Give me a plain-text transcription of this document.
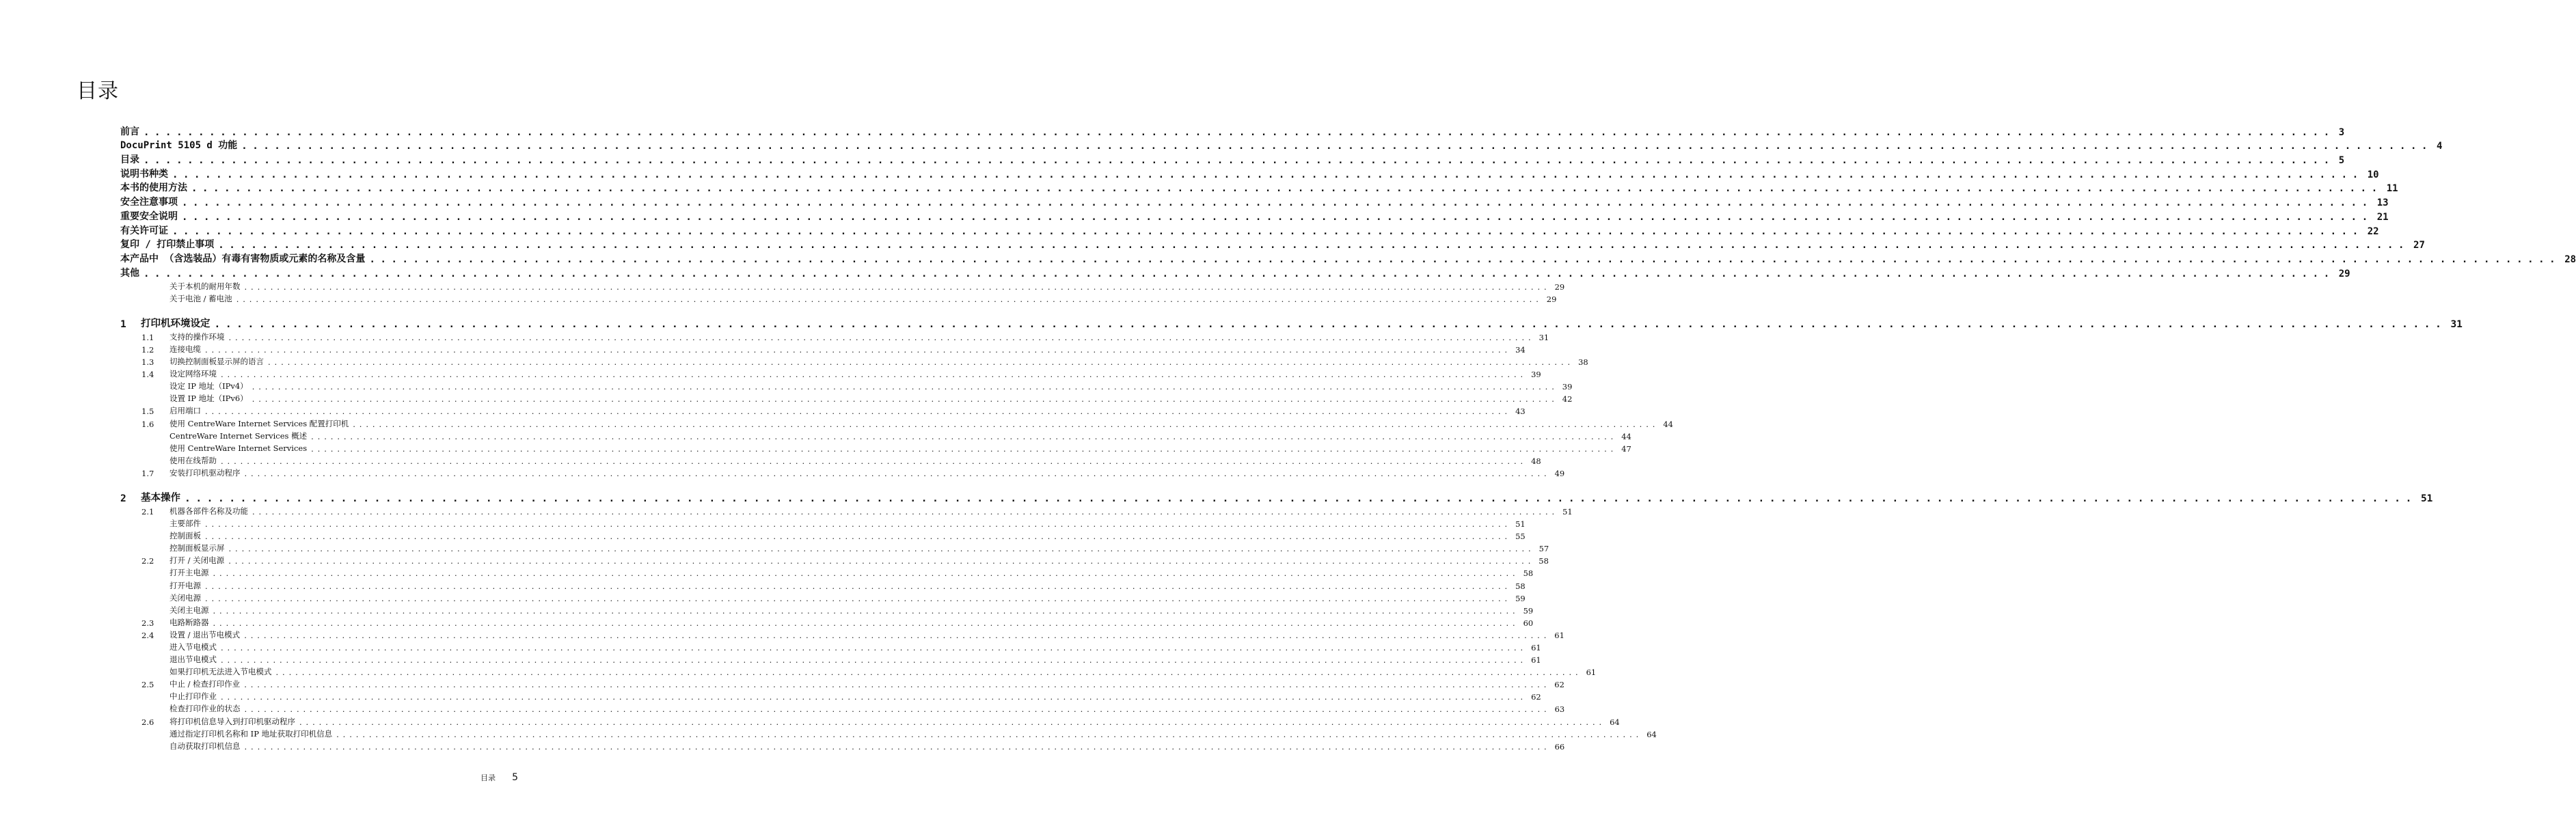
目录
前言 ........................................................................................................................................................................................................ 3
DocuPrint 5105 d 功能 ........................................................................................................................................................................................................ 4
目录 ........................................................................................................................................................................................................ 5
说明书种类 ........................................................................................................................................................................................................ 10
本书的使用方法 ........................................................................................................................................................................................................ 11
安全注意事项 ........................................................................................................................................................................................................ 13
重要安全说明 ........................................................................................................................................................................................................ 21
有关许可证 ........................................................................................................................................................................................................ 22
复印 / 打印禁止事项 ........................................................................................................................................................................................................ 27
本产品中 （含选装品）有毒有害物质或元素的名称及含量 ........................................................................................................................................................................................................ 28
其他 ........................................................................................................................................................................................................ 29
关于本机的耐用年数 ........................................................................................................................................................................................................ 29
关于电池 / 蓄电池 ........................................................................................................................................................................................................ 29
1	打印机环境设定 ........................................................................................................................................................................................................ 31
1.1	支持的操作环境 ........................................................................................................................................................................................................ 31
1.2	连接电缆 ........................................................................................................................................................................................................ 34
1.3	切换控制面板显示屏的语言 ........................................................................................................................................................................................................ 38
1.4	设定网络环境 ........................................................................................................................................................................................................ 39
设定 IP 地址（IPv4） ........................................................................................................................................................................................................ 39
设置 IP 地址（IPv6） ........................................................................................................................................................................................................ 42
1.5	启用端口 ........................................................................................................................................................................................................ 43
1.6	使用 CentreWare Internet Services 配置打印机 ........................................................................................................................................................................................................ 44
CentreWare Internet Services 概述 ........................................................................................................................................................................................................ 44
使用 CentreWare Internet Services ........................................................................................................................................................................................................ 47
使用在线帮助 ........................................................................................................................................................................................................ 48
1.7	安装打印机驱动程序 ........................................................................................................................................................................................................ 49
2	基本操作 ........................................................................................................................................................................................................ 51
2.1	机器各部件名称及功能 ........................................................................................................................................................................................................ 51
主要部件 ........................................................................................................................................................................................................ 51
控制面板 ........................................................................................................................................................................................................ 55
控制面板显示屏 ........................................................................................................................................................................................................ 57
2.2	打开 / 关闭电源 ........................................................................................................................................................................................................ 58
打开主电源 ........................................................................................................................................................................................................ 58
打开电源 ........................................................................................................................................................................................................ 58
关闭电源 ........................................................................................................................................................................................................ 59
关闭主电源 ........................................................................................................................................................................................................ 59
2.3	电路断路器 ........................................................................................................................................................................................................ 60
2.4	设置 / 退出节电模式 ........................................................................................................................................................................................................ 61
进入节电模式 ........................................................................................................................................................................................................ 61
退出节电模式 ........................................................................................................................................................................................................ 61
如果打印机无法进入节电模式 ........................................................................................................................................................................................................ 61
2.5	中止 / 检查打印作业 ........................................................................................................................................................................................................ 62
中止打印作业 ........................................................................................................................................................................................................ 62
检查打印作业的状态 ........................................................................................................................................................................................................ 63
2.6	将打印机信息导入到打印机驱动程序 ........................................................................................................................................................................................................ 64
通过指定打印机名称和 IP 地址获取打印机信息 ........................................................................................................................................................................................................ 64
自动获取打印机信息 ........................................................................................................................................................................................................ 66
目录 5
